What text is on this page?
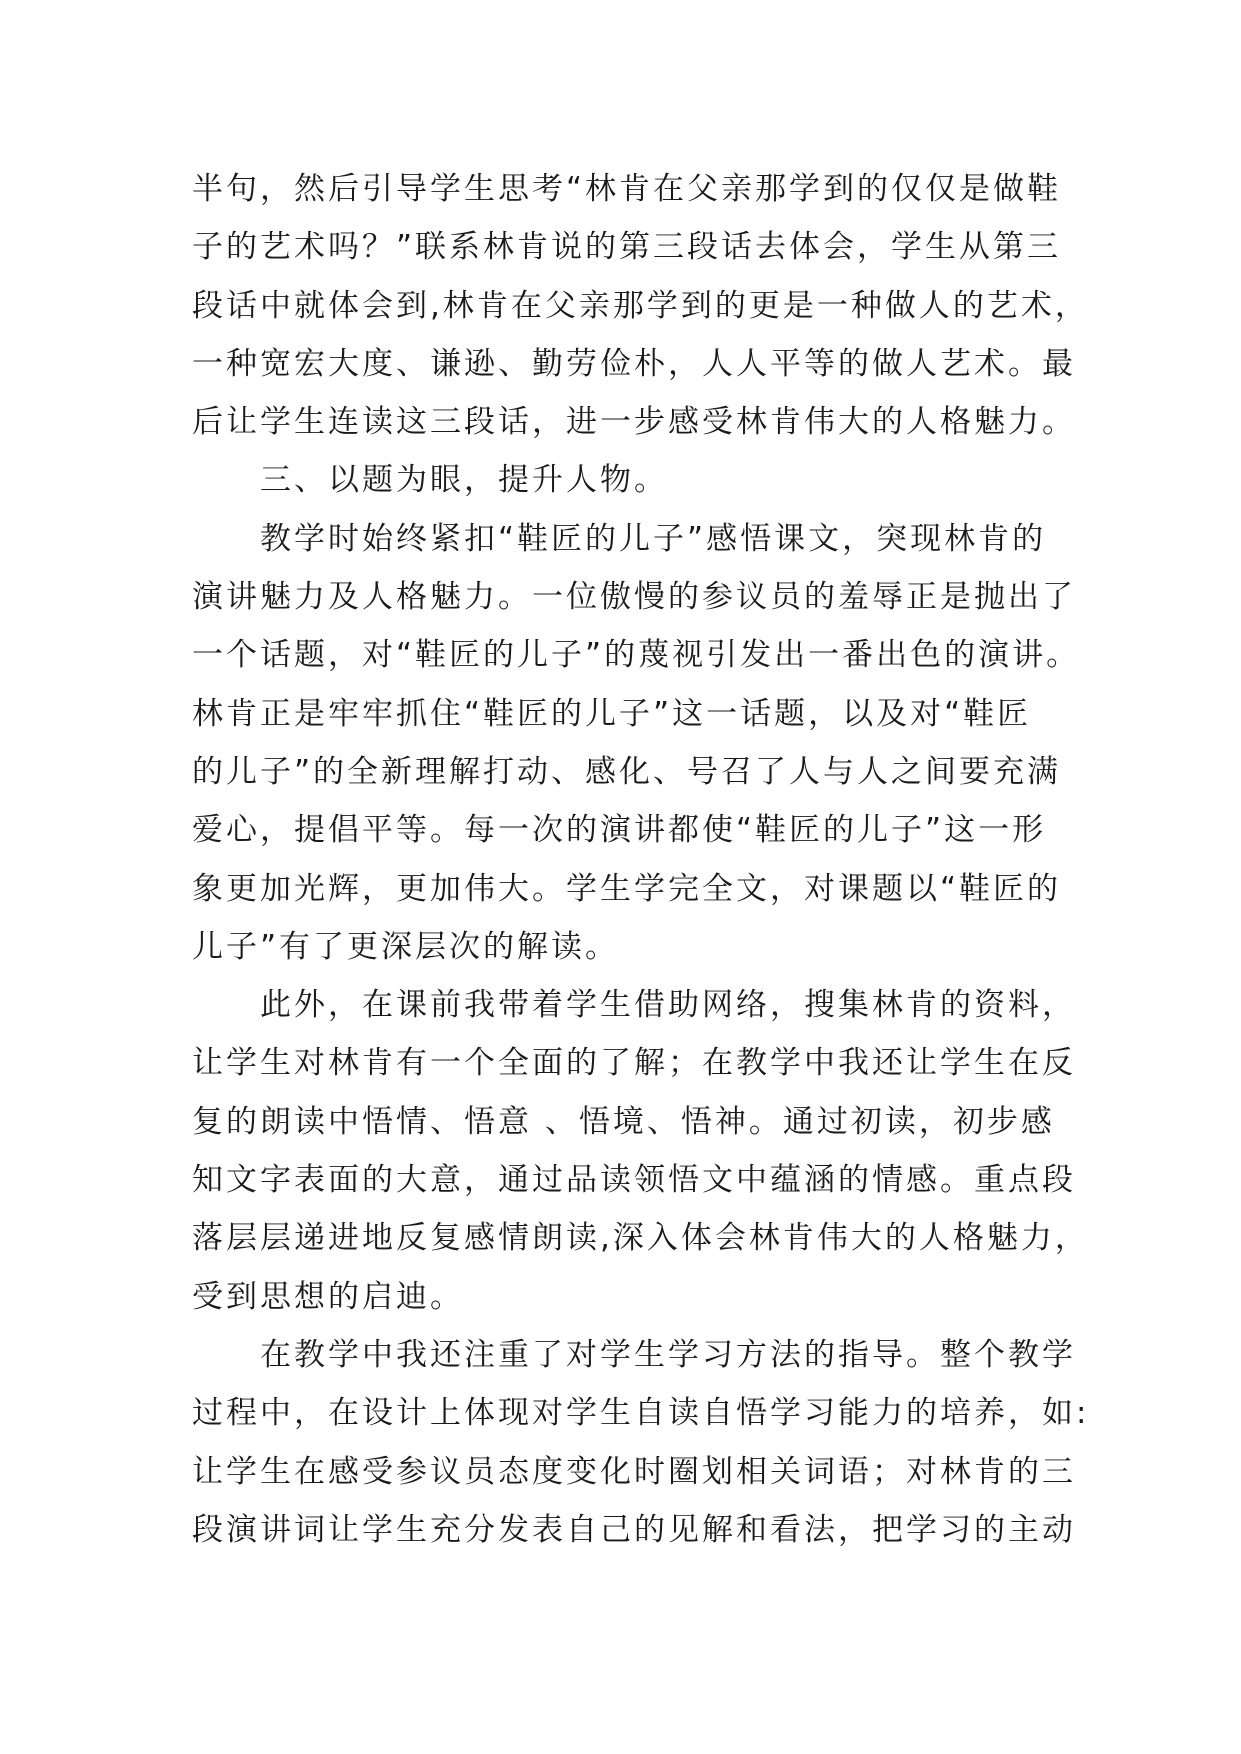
半句，然后引导学生思考“林肯在父亲那学到的仅仅是做鞋
子的艺术吗？”联系林肯说的第三段话去体会，学生从第三
段话中就体会到,林肯在父亲那学到的更是一种做人的艺术，
一种宽宏大度、谦逊、勤劳俭朴，人人平等的做人艺术。最
后让学生连读这三段话，进一步感受林肯伟大的人格魅力。
　　三、以题为眼，提升人物。
　　教学时始终紧扣“鞋匠的儿子”感悟课文，突现林肯的
演讲魅力及人格魅力。一位傲慢的参议员的羞辱正是抛出了
一个话题，对“鞋匠的儿子”的蔑视引发出一番出色的演讲。
林肯正是牢牢抓住“鞋匠的儿子”这一话题，以及对“鞋匠
的儿子”的全新理解打动、感化、号召了人与人之间要充满
爱心，提倡平等。每一次的演讲都使“鞋匠的儿子”这一形
象更加光辉，更加伟大。学生学完全文，对课题以“鞋匠的
儿子”有了更深层次的解读。
　　此外，在课前我带着学生借助网络，搜集林肯的资料，
让学生对林肯有一个全面的了解；在教学中我还让学生在反
复的朗读中悟情、悟意 、悟境、悟神。通过初读，初步感
知文字表面的大意，通过品读领悟文中蕴涵的情感。重点段
落层层递进地反复感情朗读,深入体会林肯伟大的人格魅力，
受到思想的启迪。
　　在教学中我还注重了对学生学习方法的指导。整个教学
过程中，在设计上体现对学生自读自悟学习能力的培养，如:
让学生在感受参议员态度变化时圈划相关词语；对林肯的三
段演讲词让学生充分发表自己的见解和看法，把学习的主动
